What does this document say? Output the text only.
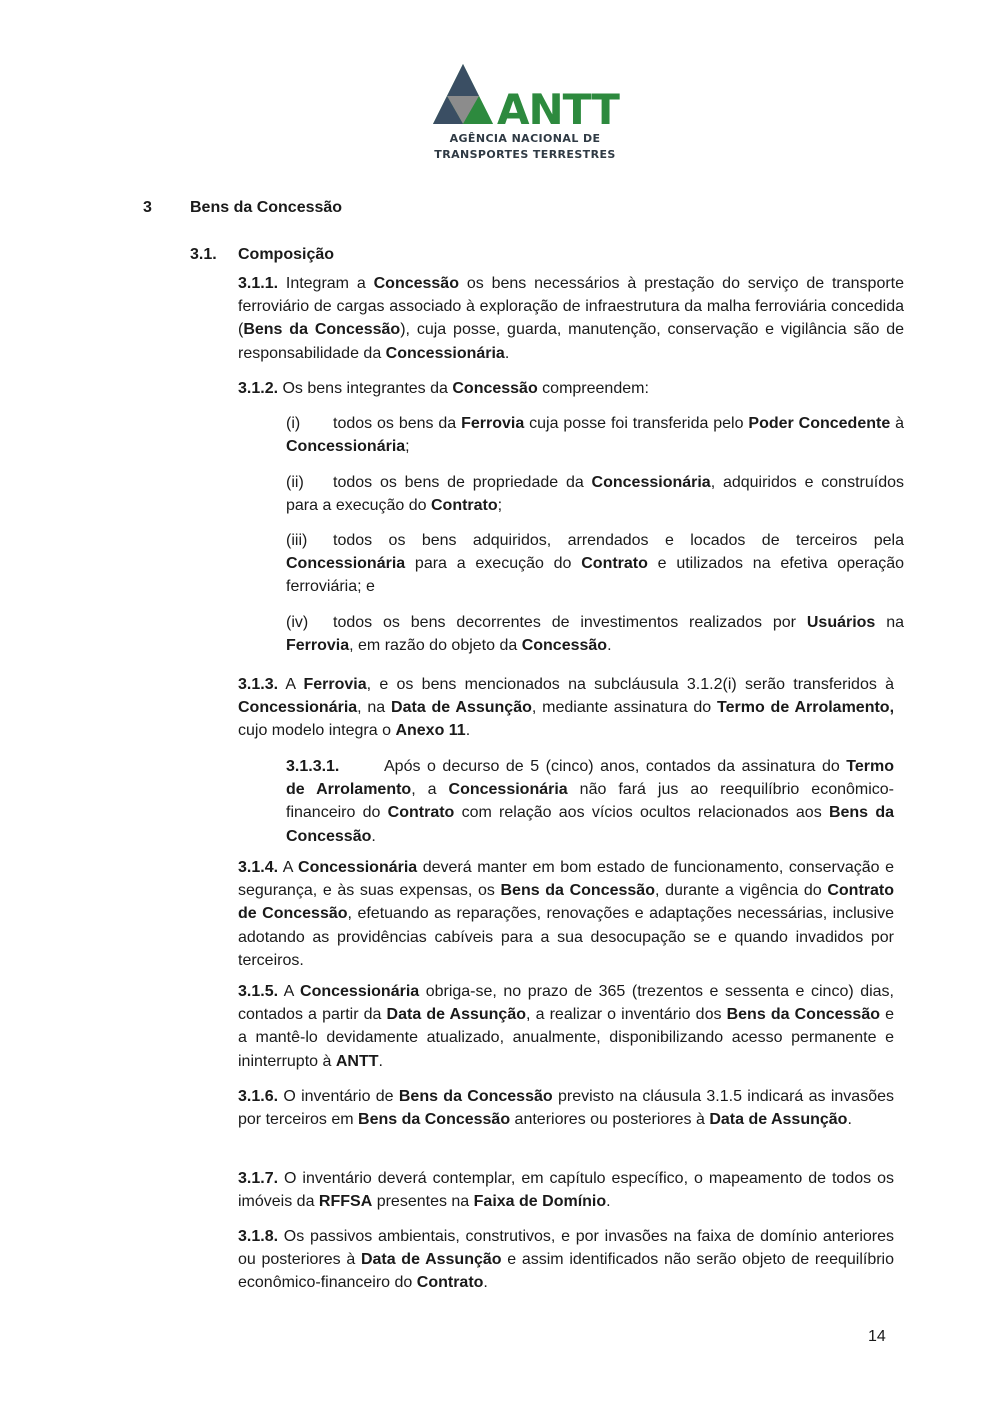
ANTT
AGÊNCIA NACIONAL DE
TRANSPORTES TERRESTRES
3 Bens da Concessão
3.1. Composição
3.1.1. Integram a Concessão os bens necessários à prestação do serviço de transporte ferroviário de cargas associado à exploração de infraestrutura da malha ferroviária concedida (Bens da Concessão), cuja posse, guarda, manutenção, conservação e vigilância são de responsabilidade da Concessionária.
3.1.2. Os bens integrantes da Concessão compreendem:
(i) todos os bens da Ferrovia cuja posse foi transferida pelo Poder Concedente à Concessionária;
(ii) todos os bens de propriedade da Concessionária, adquiridos e construídos para a execução do Contrato;
(iii) todos os bens adquiridos, arrendados e locados de terceiros pela Concessionária para a execução do Contrato e utilizados na efetiva operação ferroviária; e
(iv) todos os bens decorrentes de investimentos realizados por Usuários na Ferrovia, em razão do objeto da Concessão.
3.1.3. A Ferrovia, e os bens mencionados na subcláusula 3.1.2(i) serão transferidos à Concessionária, na Data de Assunção, mediante assinatura do Termo de Arrolamento, cujo modelo integra o Anexo 11.
3.1.3.1.	Após o decurso de 5 (cinco) anos, contados da assinatura do Termo de Arrolamento, a Concessionária não fará jus ao reequilíbrio econômico-financeiro do Contrato com relação aos vícios ocultos relacionados aos Bens da Concessão.
3.1.4. A Concessionária deverá manter em bom estado de funcionamento, conservação e segurança, e às suas expensas, os Bens da Concessão, durante a vigência do Contrato de Concessão, efetuando as reparações, renovações e adaptações necessárias, inclusive adotando as providências cabíveis para a sua desocupação se e quando invadidos por terceiros.
3.1.5. A Concessionária obriga-se, no prazo de 365 (trezentos e sessenta e cinco) dias, contados a partir da Data de Assunção, a realizar o inventário dos Bens da Concessão e a mantê-lo devidamente atualizado, anualmente, disponibilizando acesso permanente e ininterrupto à ANTT.
3.1.6. O inventário de Bens da Concessão previsto na cláusula 3.1.5 indicará as invasões por terceiros em Bens da Concessão anteriores ou posteriores à Data de Assunção.
3.1.7. O inventário deverá contemplar, em capítulo específico, o mapeamento de todos os imóveis da RFFSA presentes na Faixa de Domínio.
3.1.8. Os passivos ambientais, construtivos, e por invasões na faixa de domínio anteriores ou posteriores à Data de Assunção e assim identificados não serão objeto de reequilíbrio econômico-financeiro do Contrato.
14
